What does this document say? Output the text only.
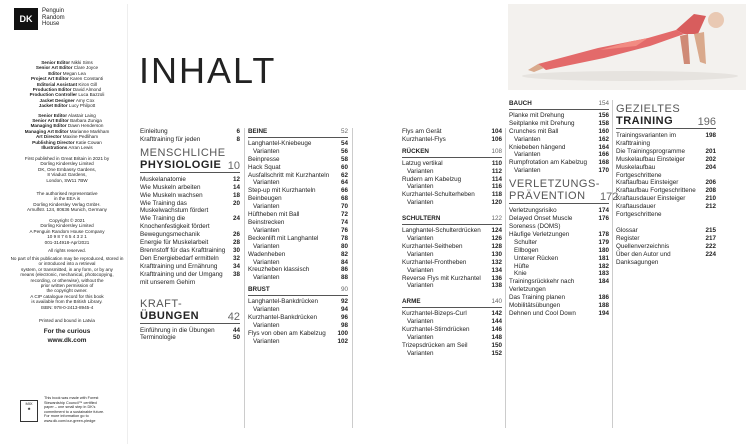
DK
Penguin
Random
House
Senior Editor Nikki Sims
Senior Art Editor Clare Joyce
Editor Megan Lea
Project Art Editor Karen Constanti
Editorial Assistant Kiron Gill
Production Editor David Almond
Production Controller Luca Bazzoli
Jacket Designer Amy Cox
Jacket Editor Lucy Philpott
Senior Editor Alastair Laing
Senior Art Editor Barbara Zuniga
Managing Editor Dawn Henderson
Managing Art Editor Marianne Markham
Art Director Maxine Pedliham
Publishing Director Katie Cowan
Illustrations Arran Lewis
First published in Great Britain in 2021 by
Dorling Kindersley Limited
DK, One Embassy Gardens,
8 Viaduct Gardens,
London, SW11 7BW
The authorised representative
in the EEA is
Dorling Kindersley Verlag GmbH.
Arnulfstr. 124, 80636 Munich, Germany
Copyright © 2021
Dorling Kindersley Limited
A Penguin Random House Company
10 9 8 7 6 5 4 3 2 1
001-314918-Apr/2021
All rights reserved.
No part of this publication may be reproduced, stored in or introduced into a retrieval
system, or transmitted, in any form, or by any
means (electronic, mechanical, photocopying,
recording, or otherwise), without the
prior written permission of
the copyright owner.
A CIP catalogue record for this book
is available from the British Library.
ISBN: 978-0-2413-8945-4
Printed and bound in Latvia
For the curious
www.dk.com
MIX
♣
This book was made with Forest
Stewardship Council™ certified
paper – one small step in DK's
commitment to a sustainable future.
For more information go to
www.dk.com/our-green-pledge
INHALT
Einleitung	6
Krafttraining für jeden	8
MENSCHLICHE
PHYSIOLOGIE 10
Muskelanatomie	12
Wie Muskeln arbeiten	14
Wie Muskeln wachsen	18
Wie Training das Muskelwachstum fördert
20
Wie Training die Knochenfestigkeit fördert
24
Bewegungsmechanik	26
Energie für Muskelarbeit	28
Brennstoff für das Krafttraining	30
Den Energiebedarf ermitteln	32
Krafttraining und Ernährung	34
Krafttraining und der Umgang mit unserem Gehirn
38
KRAFT-
ÜBUNGEN	42
Einführung in die Übungen	44
Terminologie	50
BEINE	52
Langhantel-Kniebeuge	54
Varianten	56
Beinpresse	58
Hack Squat	60
Ausfallschritt mit Kurzhanteln	62
Varianten	64
Step-up mit Kurzhanteln	66
Beinbeugen	68
Varianten	70
Hüftheben mit Ball	72
Beinstrecken	74
Varianten	76
Beckenlift mit Langhantel	78
Varianten	80
Wadenheben	82
Varianten	84
Kreuzheben klassisch	86
Varianten	88
BRUST	90
Langhantel-Bankdrücken	92
Varianten	94
Kurzhantel-Bankdrücken	96
Varianten	98
Flys von oben am Kabelzug	100
Varianten	102
Flys am Gerät	104
Kurzhantel-Flys	106
RÜCKEN	108
Latzug vertikal	110
Varianten	112
Rudern am Kabelzug	114
Varianten	116
Kurzhantel-Schulterheben	118
Varianten	120
SCHULTERN	122
Langhantel-Schulterdrücken	124
Varianten	126
Kurzhantel-Seitheben	128
Varianten	130
Kurzhantel-Frontheben	132
Varianten	134
Reverse Flys mit Kurzhantel	136
Varianten	138
ARME	140
Kurzhantel-Bizeps-Curl	142
Varianten	144
Kurzhantel-Stirndrücken	146
Varianten	148
Trizepsdrücken am Seil	150
Varianten	152
BAUCH	154
Planke mit Drehung	156
Seitplanke mit Drehung	158
Crunches mit Ball	160
Varianten	162
Kniebeben hängend	164
Varianten	166
Rumpfrotation am Kabelzug	168
Varianten	170
VERLETZUNGS-PRÄVENTION	172
Verletzungsrisiko	174
Delayed Onset Muscle Soreness (DOMS)
176
Häufige Verletzungen	178
Schulter	179
Ellbogen	180
Unterer Rücken	181
Hüfte	182
Knie	183
Trainingsrückkehr nach Verletzungen
184
Das Training planen	186
Mobilitätsübungen	188
Dehnen und Cool Down	194
GEZIELTES
TRAINING	196
Trainingsvarianten im Krafttraining
198
Die Trainingsprogramme	201
Muskelaufbau Einsteiger	202
Muskelaufbau Fortgeschrittene
204
Kraftaufbau Einsteiger	206
Kraftaufbau Fortgeschrittene	208
Kraftausdauer Einsteiger	210
Kraftausdauer Fortgeschrittene
212
Glossar	215
Register	217
Quellenverzeichnis	222
Über den Autor und Danksagungen
224
